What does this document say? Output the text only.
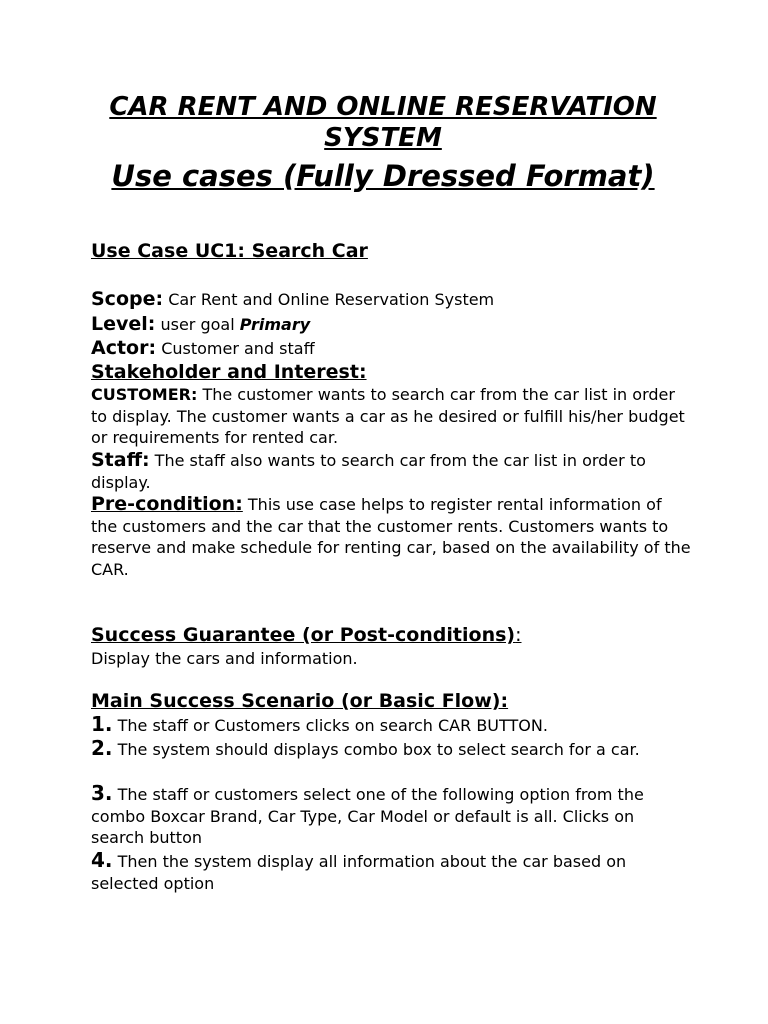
CAR RENT AND ONLINE RESERVATION SYSTEM
Use cases (Fully Dressed Format)
Use Case UC1: Search Car
Scope: Car Rent and Online Reservation System
Level: user goal Primary
Actor: Customer and staff
Stakeholder and Interest:
CUSTOMER: The customer wants to search car from the car list in order to display. The customer wants a car as he desired or fulfill his/her budget or requirements for rented car.
Staff: The staff also wants to search car from the car list in order to display.
Pre-condition: This use case helps to register rental information of the customers and the car that the customer rents. Customers wants to reserve and make schedule for renting car, based on the availability of the CAR.
Success Guarantee (or Post-conditions):
Display the cars and information.
Main Success Scenario (or Basic Flow):
1. The staff or Customers clicks on search CAR BUTTON.
2. The system should displays combo box to select search for a car.
3. The staff or customers select one of the following option from the combo Boxcar Brand, Car Type, Car Model or default is all. Clicks on search button
4. Then the system display all information about the car based on selected option
